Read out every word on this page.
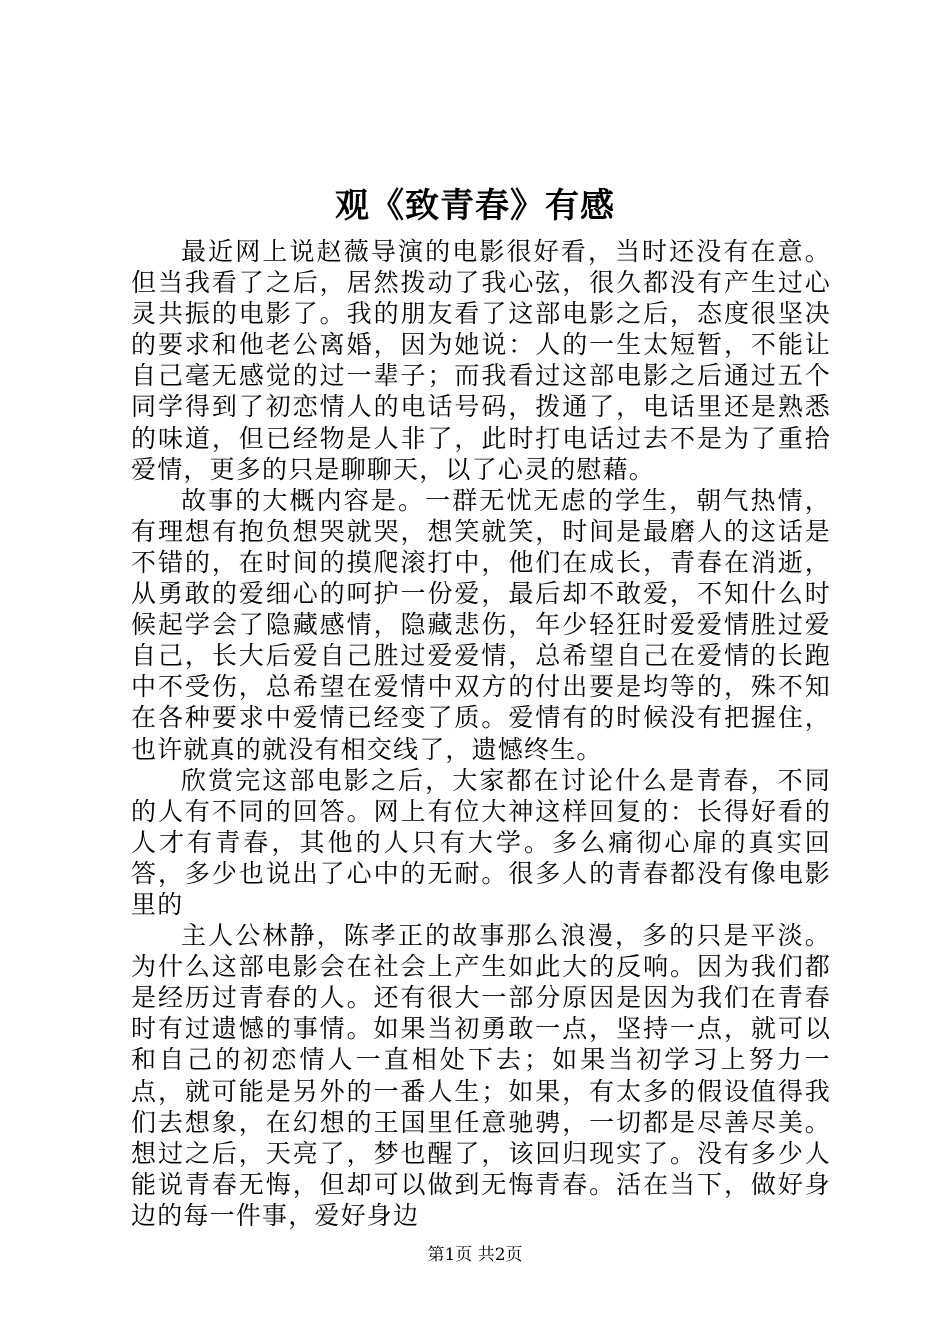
观《致青春》有感

最近网上说赵薇导演的电影很好看，当时还没有在意。但当我看了之后，居然拨动了我心弦，很久都没有产生过心灵共振的电影了。我的朋友看了这部电影之后，态度很坚决的要求和他老公离婚，因为她说：人的一生太短暂，不能让自己毫无感觉的过一辈子；而我看过这部电影之后通过五个同学得到了初恋情人的电话号码，拨通了，电话里还是熟悉的味道，但已经物是人非了，此时打电话过去不是为了重拾爱情，更多的只是聊聊天，以了心灵的慰藉。

故事的大概内容是。一群无忧无虑的学生，朝气热情，有理想有抱负想哭就哭，想笑就笑，时间是最磨人的这话是不错的，在时间的摸爬滚打中，他们在成长，青春在消逝，从勇敢的爱细心的呵护一份爱，最后却不敢爱，不知什么时候起学会了隐藏感情，隐藏悲伤，年少轻狂时爱爱情胜过爱自己，长大后爱自己胜过爱爱情，总希望自己在爱情的长跑中不受伤，总希望在爱情中双方的付出要是均等的，殊不知在各种要求中爱情已经变了质。爱情有的时候没有把握住，也许就真的就没有相交线了，遗憾终生。

欣赏完这部电影之后，大家都在讨论什么是青春，不同的人有不同的回答。网上有位大神这样回复的：长得好看的人才有青春，其他的人只有大学。多么痛彻心扉的真实回答，多少也说出了心中的无耐。很多人的青春都没有像电影里的

主人公林静，陈孝正的故事那么浪漫，多的只是平淡。为什么这部电影会在社会上产生如此大的反响。因为我们都是经历过青春的人。还有很大一部分原因是因为我们在青春时有过遗憾的事情。如果当初勇敢一点，坚持一点，就可以和自己的初恋情人一直相处下去；如果当初学习上努力一点，就可能是另外的一番人生；如果，有太多的假设值得我们去想象，在幻想的王国里任意驰骋，一切都是尽善尽美。想过之后，天亮了，梦也醒了，该回归现实了。没有多少人能说青春无悔，但却可以做到无悔青春。活在当下，做好身边的每一件事，爱好身边

第1页 共2页
